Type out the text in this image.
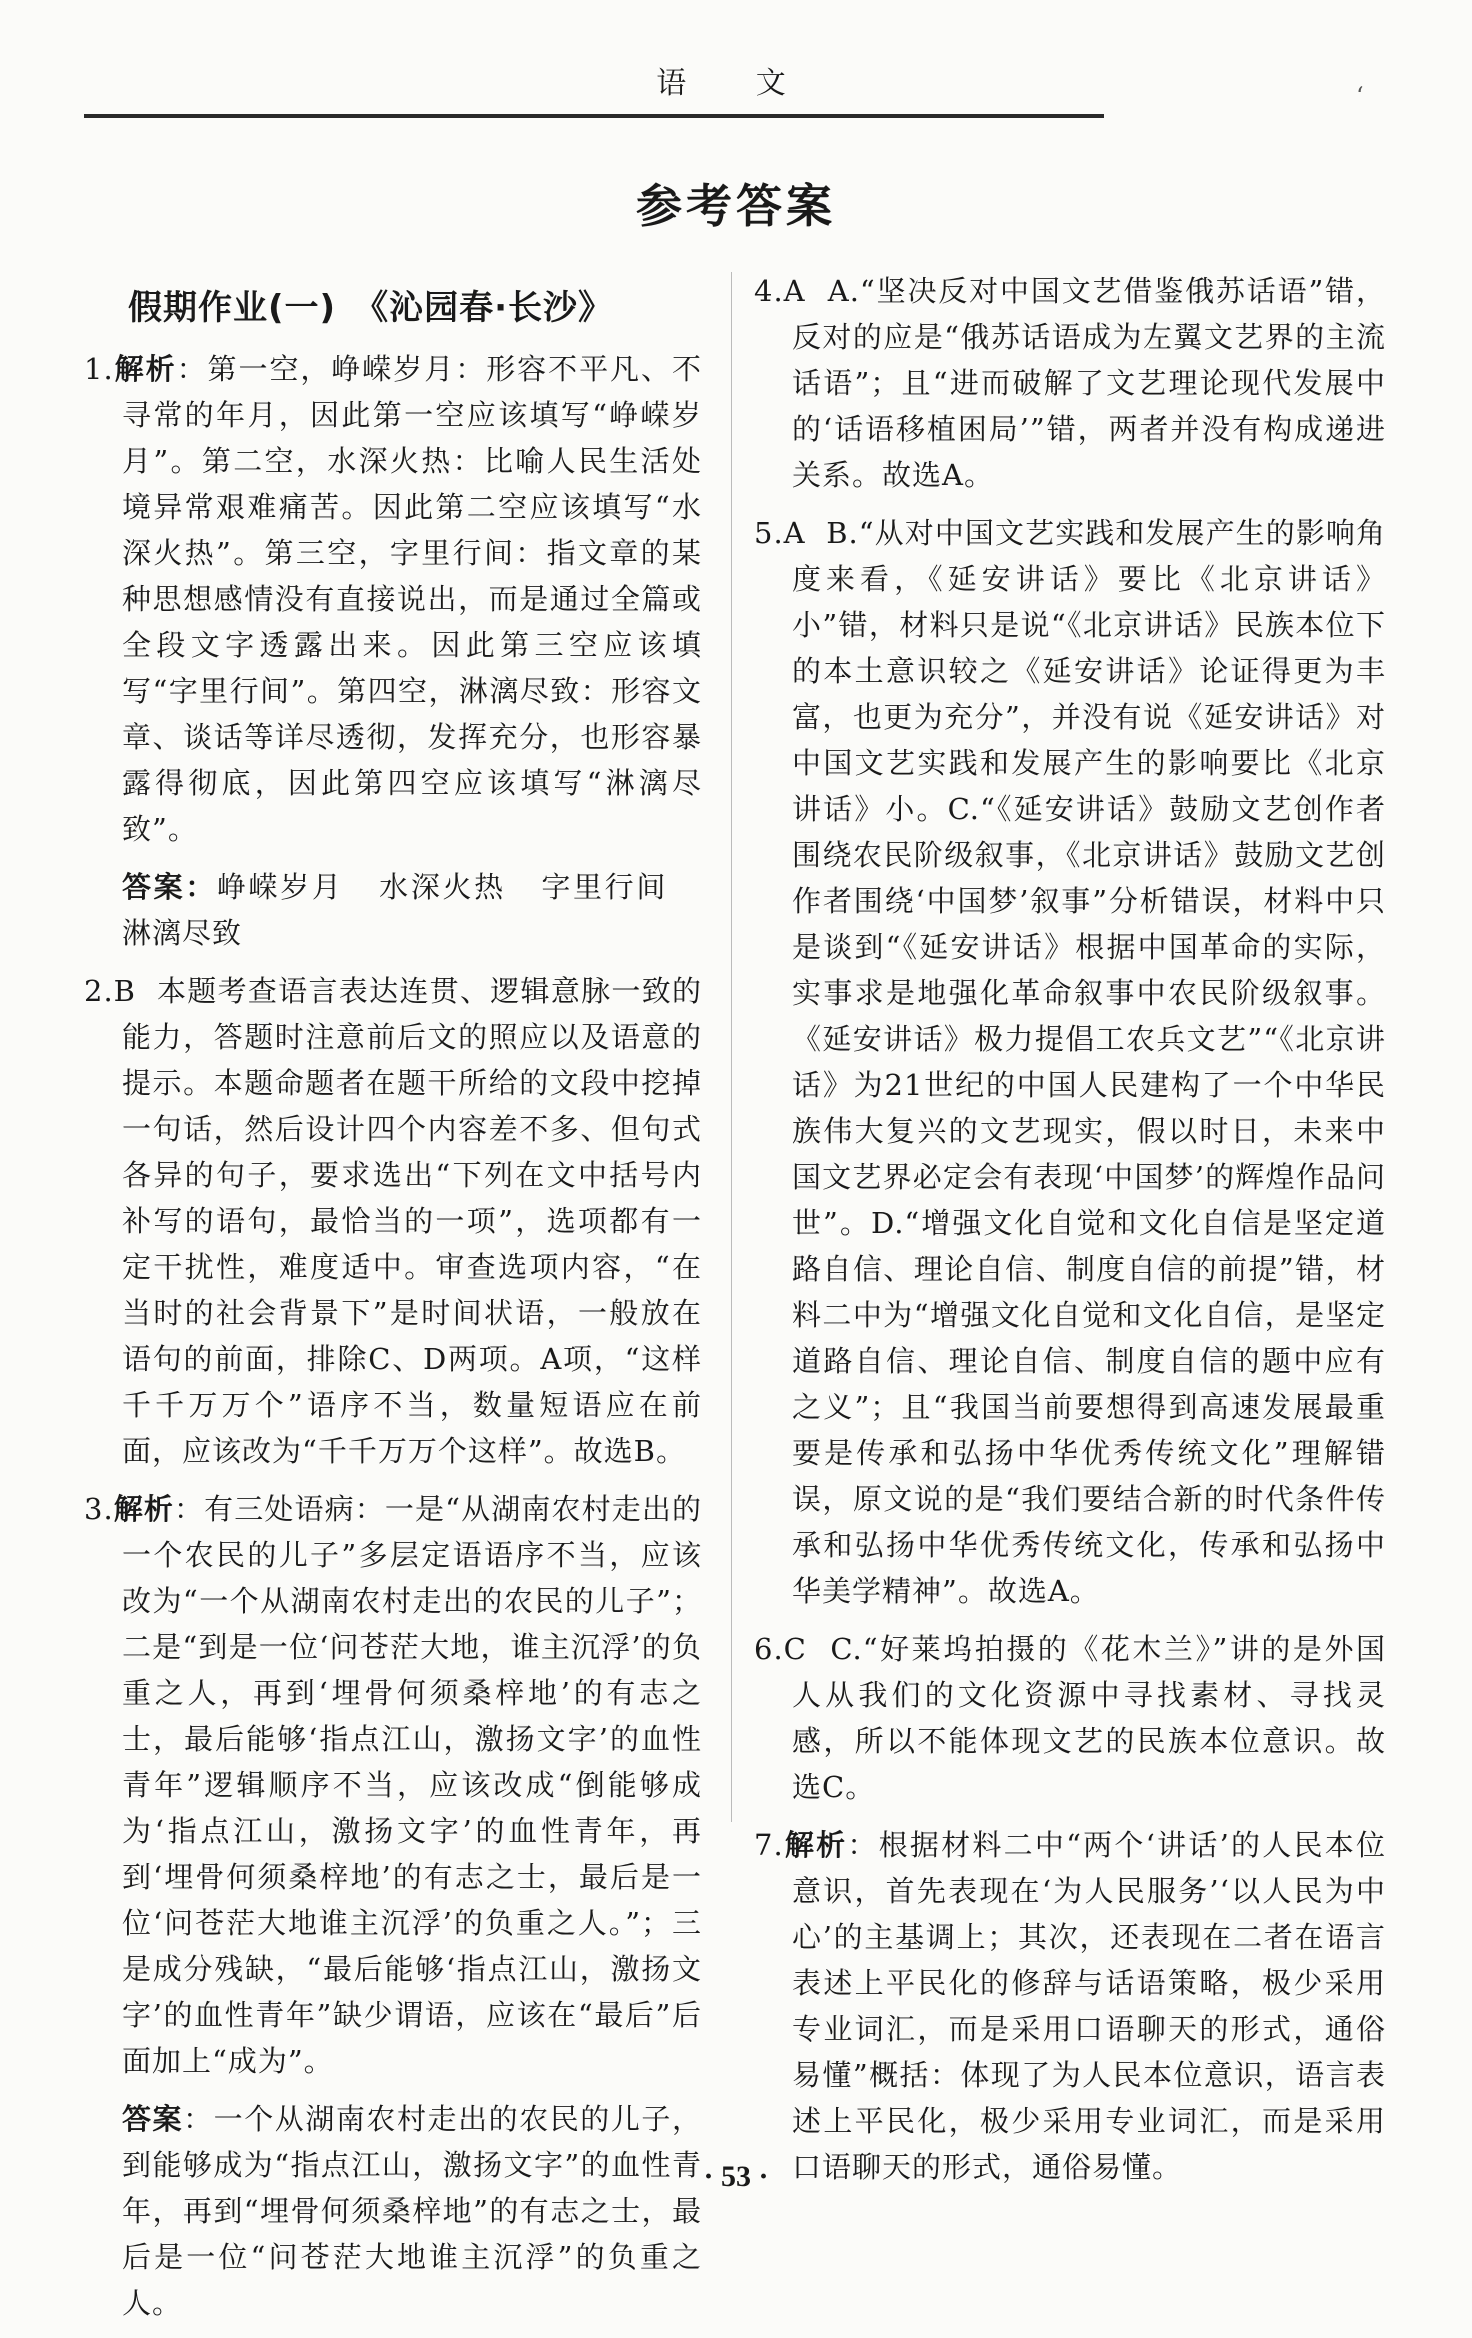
语 文	‘
参考答案
假期作业(一)　《沁园春·长沙》
1.解析：第一空，峥嵘岁月：形容不平凡、不寻常的年月，因此第一空应该填写“峥嵘岁月”。第二空，水深火热：比喻人民生活处境异常艰难痛苦。因此第二空应该填写“水深火热”。第三空，字里行间：指文章的某种思想感情没有直接说出，而是通过全篇或全段文字透露出来。因此第三空应该填写“字里行间”。第四空，淋漓尽致：形容文章、谈话等详尽透彻，发挥充分，也形容暴露得彻底，因此第四空应该填写“淋漓尽致”。
答案：峥嵘岁月 水深火热 字里行间淋漓尽致
2.B 本题考查语言表达连贯、逻辑意脉一致的能力，答题时注意前后文的照应以及语意的提示。本题命题者在题干所给的文段中挖掉一句话，然后设计四个内容差不多、但句式各异的句子，要求选出“下列在文中括号内补写的语句，最恰当的一项”，选项都有一定干扰性，难度适中。审查选项内容，“在当时的社会背景下”是时间状语，一般放在语句的前面，排除C、D两项。A项，“这样千千万万个”语序不当，数量短语应在前面，应该改为“千千万万个这样”。故选B。
3.解析：有三处语病：一是“从湖南农村走出的一个农民的儿子”多层定语语序不当，应该改为“一个从湖南农村走出的农民的儿子”；二是“到是一位‘问苍茫大地，谁主沉浮’的负重之人，再到‘埋骨何须桑梓地’的有志之士，最后能够‘指点江山，激扬文字’的血性青年”逻辑顺序不当，应该改成“倒能够成为‘指点江山，激扬文字’的血性青年，再到‘埋骨何须桑梓地’的有志之士，最后是一位‘问苍茫大地谁主沉浮’的负重之人。”；三是成分残缺，“最后能够‘指点江山，激扬文字’的血性青年”缺少谓语，应该在“最后”后面加上“成为”。
答案：一个从湖南农村走出的农民的儿子，到能够成为“指点江山，激扬文字”的血性青年，再到“埋骨何须桑梓地”的有志之士，最后是一位“问苍茫大地谁主沉浮”的负重之人。
4.A A.“坚决反对中国文艺借鉴俄苏话语”错，反对的应是“俄苏话语成为左翼文艺界的主流话语”；且“进而破解了文艺理论现代发展中的‘话语移植困局’”错，两者并没有构成递进关系。故选A。
5.A B.“从对中国文艺实践和发展产生的影响角度来看，《延安讲话》要比《北京讲话》小”错，材料只是说“《北京讲话》民族本位下的本土意识较之《延安讲话》论证得更为丰富，也更为充分”，并没有说《延安讲话》对中国文艺实践和发展产生的影响要比《北京讲话》小。C.“《延安讲话》鼓励文艺创作者围绕农民阶级叙事，《北京讲话》鼓励文艺创作者围绕‘中国梦’叙事”分析错误，材料中只是谈到“《延安讲话》根据中国革命的实际，实事求是地强化革命叙事中农民阶级叙事。《延安讲话》极力提倡工农兵文艺”“《北京讲话》为21世纪的中国人民建构了一个中华民族伟大复兴的文艺现实，假以时日，未来中国文艺界必定会有表现‘中国梦’的辉煌作品问世”。D.“增强文化自觉和文化自信是坚定道路自信、理论自信、制度自信的前提”错，材料二中为“增强文化自觉和文化自信，是坚定道路自信、理论自信、制度自信的题中应有之义”；且“我国当前要想得到高速发展最重要是传承和弘扬中华优秀传统文化”理解错误，原文说的是“我们要结合新的时代条件传承和弘扬中华优秀传统文化，传承和弘扬中华美学精神”。故选A。
6.C C.“好莱坞拍摄的《花木兰》”讲的是外国人从我们的文化资源中寻找素材、寻找灵感，所以不能体现文艺的民族本位意识。故选C。
7.解析：根据材料二中“两个‘讲话’的人民本位意识，首先表现在‘为人民服务’‘以人民为中心’的主基调上；其次，还表现在二者在语言表述上平民化的修辞与话语策略，极少采用专业词汇，而是采用口语聊天的形式，通俗易懂”概括：体现了为人民本位意识，语言表述上平民化，极少采用专业词汇，而是采用口语聊天的形式，通俗易懂。
· 53 ·
